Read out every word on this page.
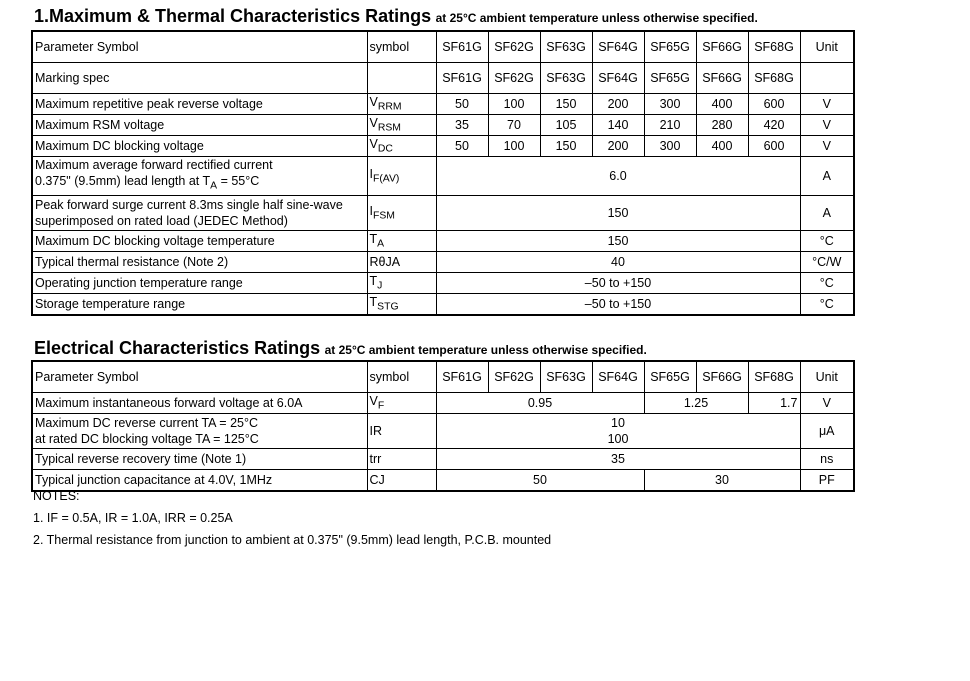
1.Maximum & Thermal Characteristics Ratings at 25°C ambient temperature unless otherwise specified.
Parameter Symbol	symbol	SF61G	SF62G	SF63G	SF64G	SF65G	SF66G	SF68G	Unit
Marking spec		SF61G	SF62G	SF63G	SF64G	SF65G	SF66G	SF68G	
Maximum repetitive peak reverse voltage	$V_{RRM}$	50	100	150	200	300	400	600	V
Maximum RSM voltage	$V_{RSM}$	35	70	105	140	210	280	420	V
Maximum DC blocking voltage	$V_{DC}$	50	100	150	200	300	400	600	V

Maximum average forward rectified current
0.375" (9.5mm) lead length at $T_A = 55^\circ C$	$I_{F(AV)}$	6.0							A

Peak forward surge current 8.3ms single half sine-wave
superimposed on rated load (JEDEC Method)	$I_{FSM}$	150							A
Maximum DC blocking voltage temperature	$T_A$	150							°C
Typical thermal resistance (Note 2)	RθJA	40							°C/W
Operating junction temperature range	$T_J$	–50 to +150							°C
Storage temperature range	$T_{STG}$	–50 to +150							°C
Electrical Characteristics Ratings at 25°C ambient temperature unless otherwise specified.
Parameter Symbol	symbol	SF61G	SF62G	SF63G	SF64G	SF65G	SF66G	SF68G	Unit
Maximum instantaneous forward voltage at 6.0A	$V_F$	0.95				1.25		1.7	V

Maximum DC reverse current TA = 25°C
at rated DC blocking voltage TA = 125°C	IR	10
100							μA
Typical reverse recovery time (Note 1)	trr	35							ns
Typical junction capacitance at 4.0V, 1MHz	CJ	50				30			PF
NOTES:
1. IF = 0.5A, IR = 1.0A, IRR = 0.25A
2. Thermal resistance from junction to ambient at 0.375" (9.5mm) lead length, P.C.B. mounted
